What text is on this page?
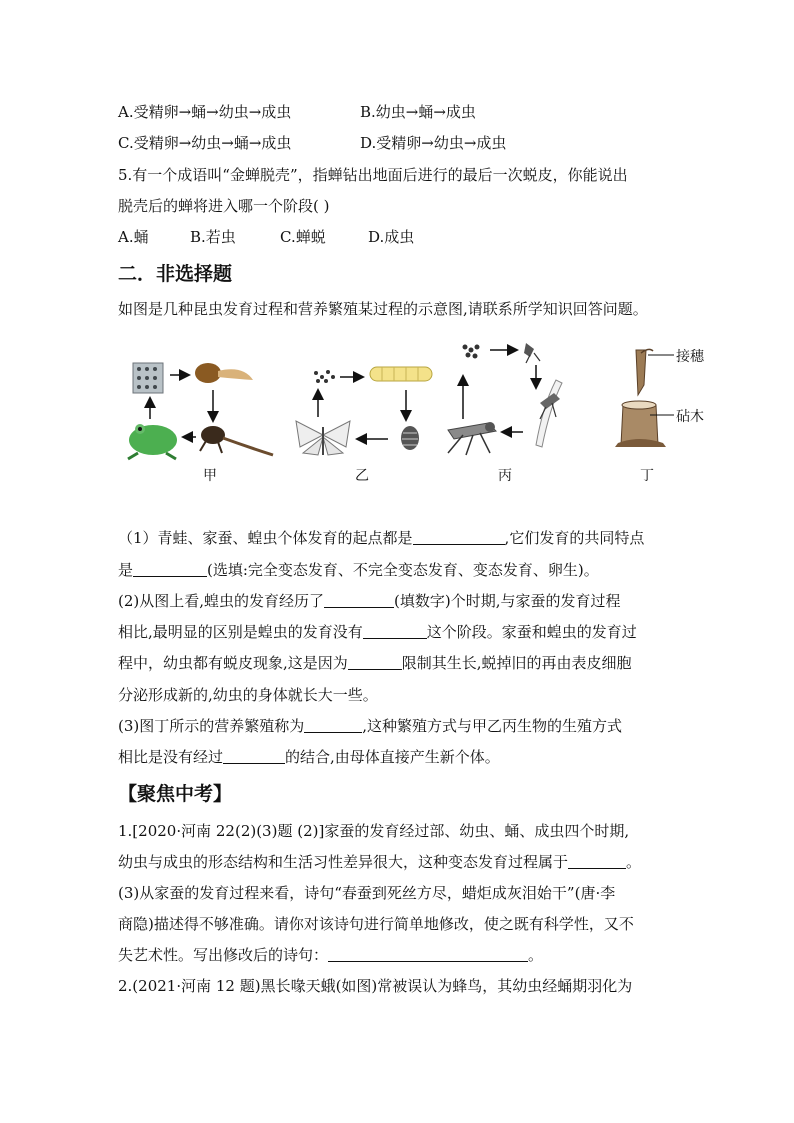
A.受精卵→蛹→幼虫→成虫	B.幼虫→蛹→成虫
C.受精卵→幼虫→蛹→成虫	D.受精卵→幼虫→成虫
5.有一个成语叫“金蝉脱壳”，指蝉钻出地面后进行的最后一次蜕皮，你能说出
脱壳后的蝉将进入哪一个阶段( )
A.蛹	B.若虫	C.蝉蜕	D.成虫
二．非选择题
如图是几种昆虫发育过程和营养繁殖某过程的示意图,请联系所学知识回答问题。
接穗
砧木
甲	乙	丙	丁
（1）青蛙、家蚕、蝗虫个体发育的起点都是	,它们发育的共同特点
是	(选填:完全变态发育、不完全变态发育、变态发育、卵生)。
(2)从图上看,蝗虫的发育经历了	(填数字)个时期,与家蚕的发育过程
相比,最明显的区别是蝗虫的发育没有	这个阶段。家蚕和蝗虫的发育过
程中，幼虫都有蜕皮现象,这是因为	限制其生长,蜕掉旧的再由表皮细胞
分泌形成新的,幼虫的身体就长大一些。
(3)图丁所示的营养繁殖称为	,这种繁殖方式与甲乙丙生物的生殖方式
相比是没有经过	的结合,由母体直接产生新个体。
【聚焦中考】
1.[2020·河南 22(2)(3)题 (2)]家蚕的发育经过部、幼虫、蛹、成虫四个时期,
幼虫与成虫的形态结构和生活习性差异很大，这种变态发育过程属于	。
(3)从家蚕的发育过程来看，诗句“春蚕到死丝方尽，蜡炬成灰泪始干”(唐·李
商隐)描述得不够准确。请你对该诗句进行简单地修改，使之既有科学性，又不
失艺术性。写出修改后的诗句：	。
2.(2021·河南 12 题)黑长喙天蛾(如图)常被误认为蜂鸟，其幼虫经蛹期羽化为
